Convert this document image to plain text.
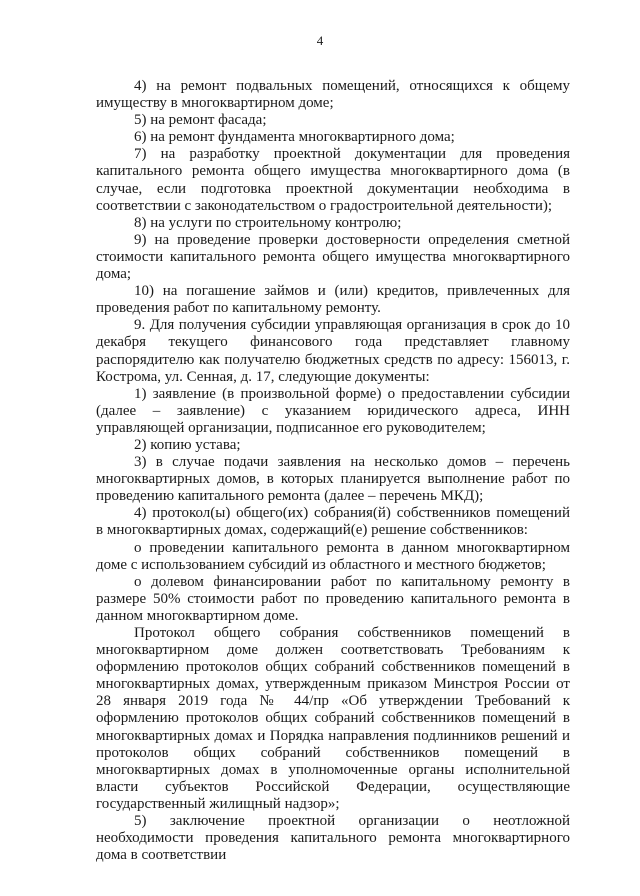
4

4) на ремонт подвальных помещений, относящихся к общему имуществу в многоквартирном доме;

5) на ремонт фасада;

6) на ремонт фундамента многоквартирного дома;

7) на разработку проектной документации для проведения капитального ремонта общего имущества многоквартирного дома (в случае, если подготовка проектной документации необходима в соответствии с законодательством о градостроительной деятельности);

8) на услуги по строительному контролю;

9) на проведение проверки достоверности определения сметной стоимости капитального ремонта общего имущества многоквартирного дома;

10) на погашение займов и (или) кредитов, привлеченных для проведения работ по капитальному ремонту.

9. Для получения субсидии управляющая организация в срок до 10 декабря текущего финансового года представляет главному распорядителю как получателю бюджетных средств по адресу: 156013, г. Кострома, ул. Сенная, д. 17, следующие документы:

1) заявление (в произвольной форме) о предоставлении субсидии (далее – заявление) с указанием юридического адреса, ИНН управляющей организации, подписанное его руководителем;

2) копию устава;

3) в случае подачи заявления на несколько домов – перечень многоквартирных домов, в которых планируется выполнение работ по проведению капитального ремонта (далее – перечень МКД);

4) протокол(ы) общего(их) собрания(й) собственников помещений в многоквартирных домах, содержащий(е) решение собственников:

о проведении капитального ремонта в данном многоквартирном доме с использованием субсидий из областного и местного бюджетов;

о долевом финансировании работ по капитальному ремонту в размере 50% стоимости работ по проведению капитального ремонта в данном многоквартирном доме.

Протокол общего собрания собственников помещений в многоквартирном доме должен соответствовать Требованиям к оформлению протоколов общих собраний собственников помещений в многоквартирных домах, утвержденным приказом Минстроя России от 28 января 2019 года № 44/пр «Об утверждении Требований к оформлению протоколов общих собраний собственников помещений в многоквартирных домах и Порядка направления подлинников решений и протоколов общих собраний собственников помещений в многоквартирных домах в уполномоченные органы исполнительной власти субъектов Российской Федерации, осуществляющие государственный жилищный надзор»;

5) заключение проектной организации о неотложной необходимости проведения капитального ремонта многоквартирного дома в соответствии
